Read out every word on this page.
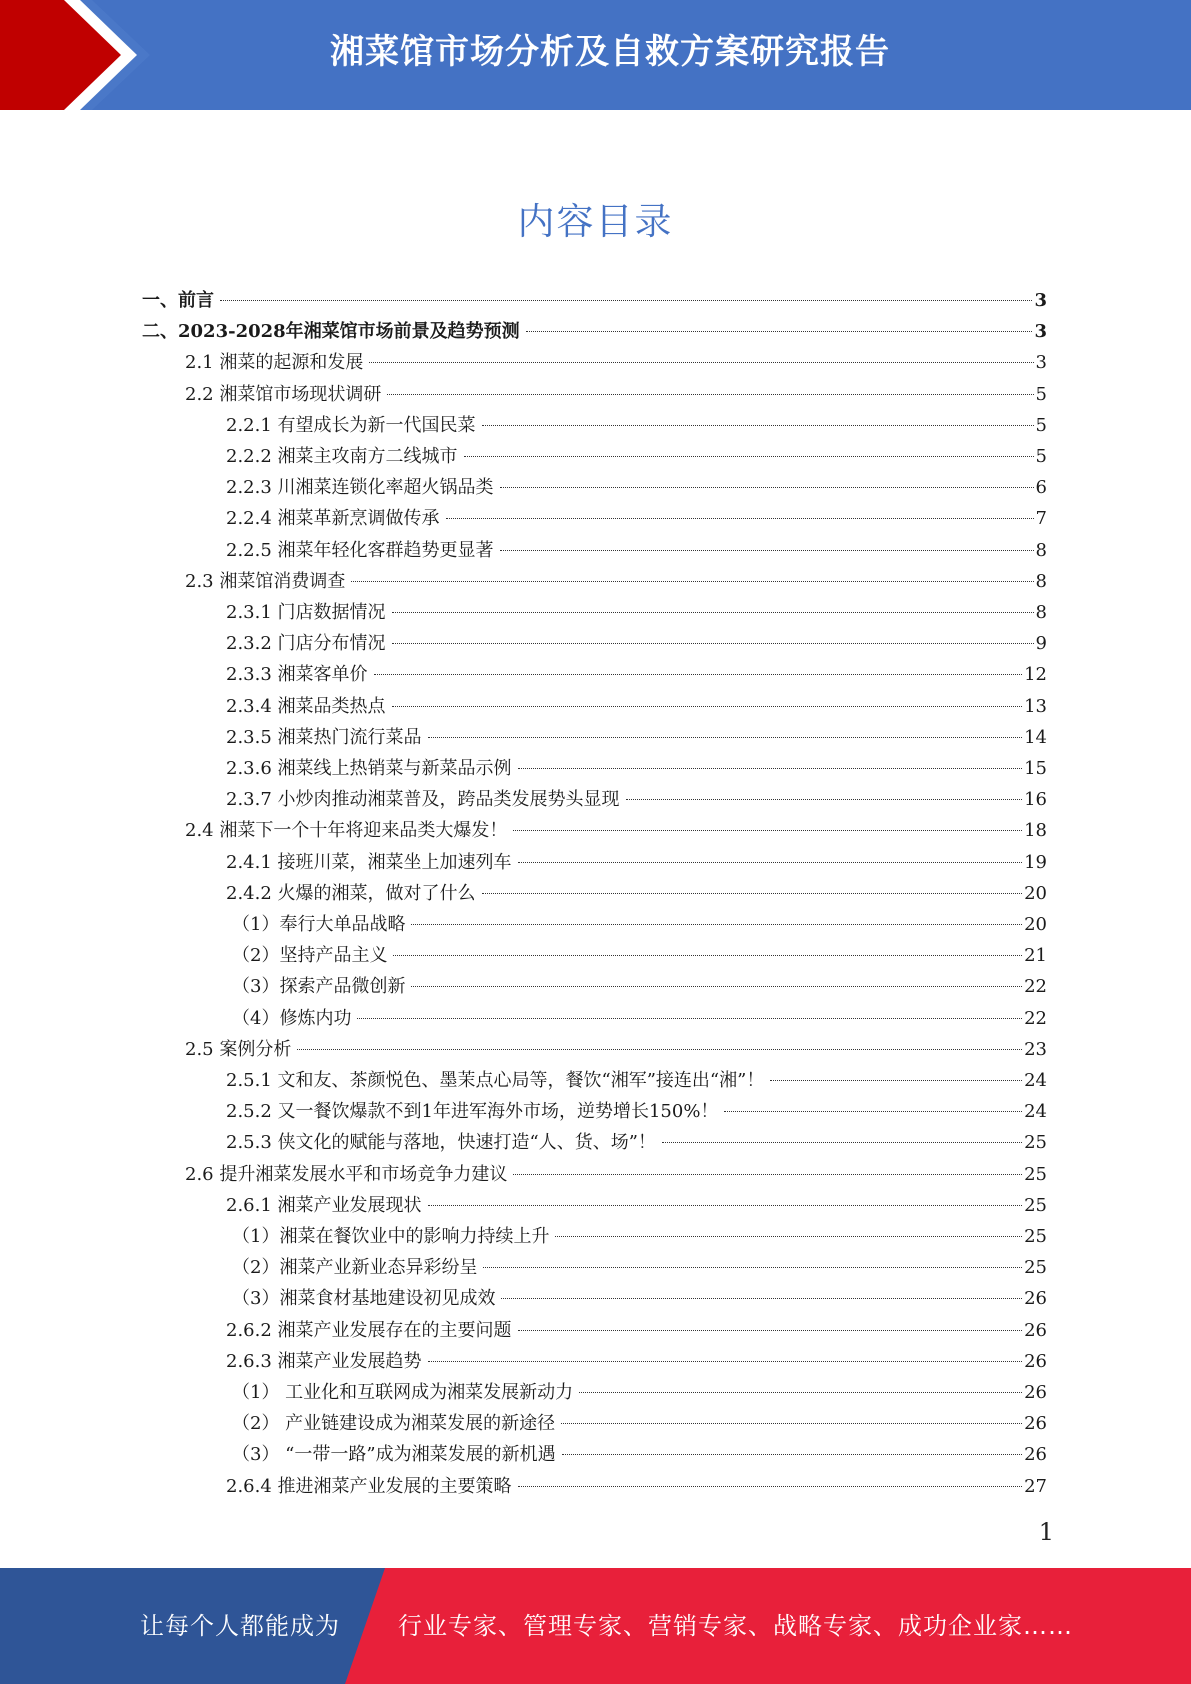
湘菜馆市场分析及自救方案研究报告
内容目录
一、前言	3
二、2023-2028年湘菜馆市场前景及趋势预测	3
2.1 湘菜的起源和发展	3
2.2 湘菜馆市场现状调研	5
2.2.1 有望成长为新一代国民菜	5
2.2.2 湘菜主攻南方二线城市	5
2.2.3 川湘菜连锁化率超火锅品类	6
2.2.4 湘菜革新烹调做传承	7
2.2.5 湘菜年轻化客群趋势更显著	8
2.3 湘菜馆消费调查	8
2.3.1 门店数据情况	8
2.3.2 门店分布情况	9
2.3.3 湘菜客单价	12
2.3.4 湘菜品类热点	13
2.3.5 湘菜热门流行菜品	14
2.3.6 湘菜线上热销菜与新菜品示例	15
2.3.7 小炒肉推动湘菜普及，跨品类发展势头显现	16
2.4 湘菜下一个十年将迎来品类大爆发！	18
2.4.1 接班川菜，湘菜坐上加速列车	19
2.4.2 火爆的湘菜，做对了什么	20
（1）奉行大单品战略	20
（2）坚持产品主义	21
（3）探索产品微创新	22
（4）修炼内功	22
2.5 案例分析	23
2.5.1 文和友、茶颜悦色、墨茉点心局等，餐饮“湘军”接连出“湘”！	24
2.5.2 又一餐饮爆款不到1年进军海外市场，逆势增长150%！	24
2.5.3 侠文化的赋能与落地，快速打造“人、货、场”！	25
2.6 提升湘菜发展水平和市场竞争力建议	25
2.6.1 湘菜产业发展现状	25
（1）湘菜在餐饮业中的影响力持续上升	25
（2）湘菜产业新业态异彩纷呈	25
（3）湘菜食材基地建设初见成效	26
2.6.2 湘菜产业发展存在的主要问题	26
2.6.3 湘菜产业发展趋势	26
（1） 工业化和互联网成为湘菜发展新动力	26
（2） 产业链建设成为湘菜发展的新途径	26
（3） “一带一路”成为湘菜发展的新机遇	26
2.6.4 推进湘菜产业发展的主要策略	27
1
让每个人都能成为 行业专家、管理专家、营销专家、战略专家、成功企业家……
